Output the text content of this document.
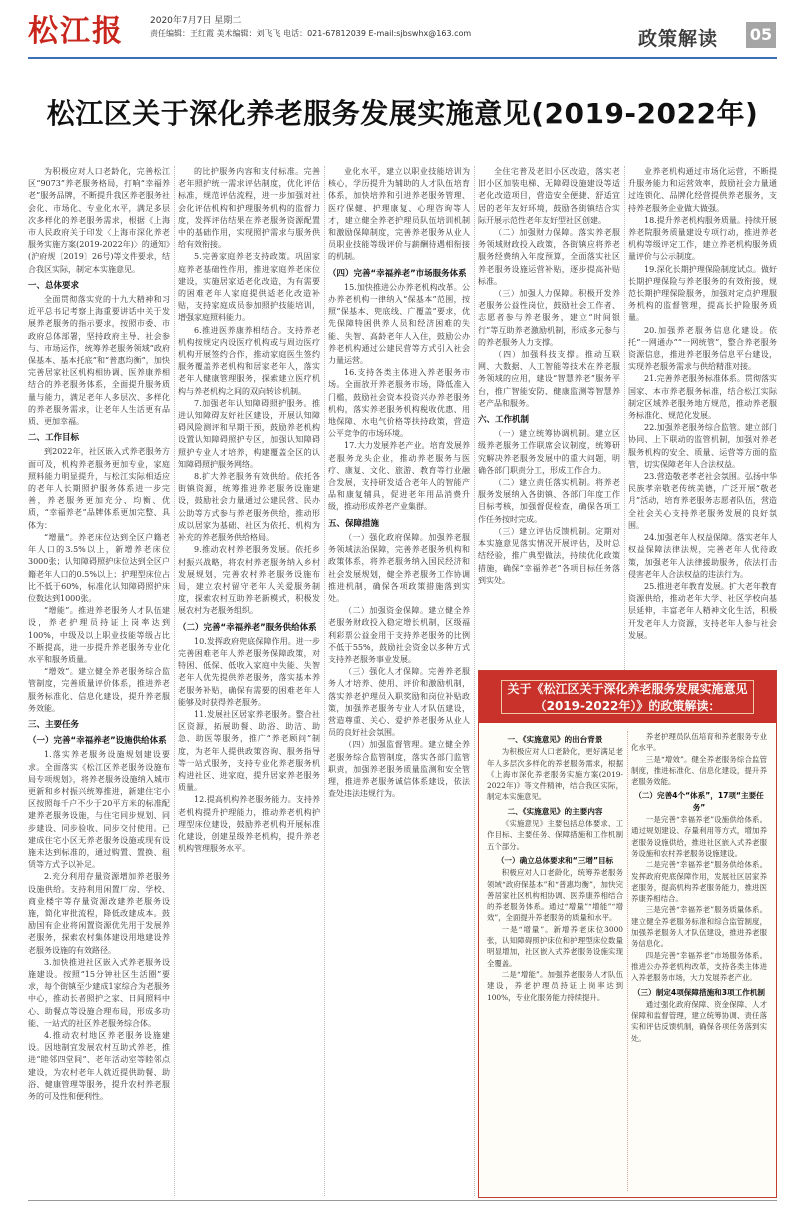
松江报	2020年7月7日 星期二
责任编辑：王红霞 美术编辑：刘飞飞 电话：021-67812039 E-mail:sjbswhx@163.com	政策解读 05
松江区关于深化养老服务发展实施意见(2019-2022年)

为积极应对人口老龄化，完善松江区“9073”养老服务格局，打响“幸福养老”服务品牌，不断提升我区养老服务社会化、市场化、专业化水平，满足多层次多样化的养老服务需求，根据《上海市人民政府关于印发〈上海市深化养老服务实施方案(2019-2022年)〉的通知》(沪府规〔2019〕26号)等文件要求，结合我区实际，制定本实施意见。

一、总体要求

全面贯彻落实党的十九大精神和习近平总书记考察上海重要讲话中关于发展养老服务的指示要求，按照市委、市政府总体部署，坚持政府主导、社会参与、市场运作，统筹养老服务领域“政府保基本、基本托底”和“普惠均衡”，加快完善居家社区机构相协调、医养康养相结合的养老服务体系，全面提升服务质量与能力，满足老年人多层次、多样化的养老服务需求，让老年人生活更有品质、更加幸福。

二、工作目标

到2022年，社区嵌入式养老服务方面可及，机构养老服务更加专业，家庭照料能力明显提升，与松江实际相适应的老年人长期照护服务体系进一步完善，养老服务更加充分、均衡、优质，“幸福养老”品牌体系更加完整、具体为：

“增量”。养老床位达到全区户籍老年人口的3.5%以上，新增养老床位3000张；认知障碍照护床位达到全区户籍老年人口的0.5%以上；护理型床位占比不低于60%，标准化认知障碍照护床位数达到1000张。

“增能”。推进养老服务人才队伍建设，养老护理员持证上岗率达到100%，中级及以上职业技能等级占比不断提高，进一步提升养老服务专业化水平和服务质量。

“增效”。建立健全养老服务综合监管制度，完善质量评价体系，推进养老服务标准化、信息化建设，提升养老服务效能。

三、主要任务
（一）完善“幸福养老”设施供给体系

1.落实养老服务设施规划建设要求。全面落实《松江区养老服务设施布局专项规划》，将养老服务设施纳入城市更新和乡村振兴统筹推进，新建住宅小区按照每千户不少于20平方米的标准配建养老服务设施，与住宅同步规划、同步建设、同步验收、同步交付使用。已建成住宅小区无养老服务设施或现有设施未达到标准的，通过购置、置换、租赁等方式予以补足。

2.充分利用存量资源增加养老服务设施供给。支持利用闲置厂房、学校、商业楼宇等存量资源改建养老服务设施，简化审批流程，降低改建成本。鼓励国有企业将闲置资源优先用于发展养老服务，探索农村集体建设用地建设养老服务设施的有效路径。

3.加快推进社区嵌入式养老服务设施建设。按照“15分钟社区生活圈”要求，每个街镇至少建成1家综合为老服务中心，推动长者照护之家、日间照料中心、助餐点等设施合理布局，形成多功能、一站式的社区养老服务综合体。

4.推动农村地区养老服务设施建设。因地制宜发展农村互助式养老，推进“睦邻四堂间”、老年活动室等睦邻点建设，为农村老年人就近提供助餐、助浴、健康管理等服务，提升农村养老服务的可及性和便利性。

的比护服务内容和支付标准。完善老年照护统一需求评估制度，优化评估标准，规范评估流程，进一步加强对社会化评估机构和护理服务机构的监督力度，发挥评估结果在养老服务资源配置中的基础作用，实现照护需求与服务供给有效衔接。

5.完善家庭养老支持政策。巩固家庭养老基础性作用，推进家庭养老床位建设，实施居家适老化改造，为有需要的困难老年人家庭提供适老化改造补贴，支持家庭成员参加照护技能培训，增强家庭照料能力。

6.推进医养康养相结合。支持养老机构按规定内设医疗机构或与周边医疗机构开展签约合作，推动家庭医生签约服务覆盖养老机构和居家老年人，落实老年人健康管理服务，探索建立医疗机构与养老机构之间的双向转诊机制。

7.加强老年认知障碍照护服务。推进认知障碍友好社区建设，开展认知障碍风险测评和早期干预，鼓励养老机构设置认知障碍照护专区，加强认知障碍照护专业人才培养，构建覆盖全区的认知障碍照护服务网络。

8.扩大养老服务有效供给。依托各街镇资源，统筹推进养老服务设施建设，鼓励社会力量通过公建民营、民办公助等方式参与养老服务供给，推动形成以居家为基础、社区为依托、机构为补充的养老服务供给格局。

9.推动农村养老服务发展。依托乡村振兴战略，将农村养老服务纳入乡村发展规划，完善农村养老服务设施布局，建立农村留守老年人关爱服务制度，探索农村互助养老新模式，积极发展农村为老服务组织。

（二）完善“幸福养老”服务供给体系

10.发挥政府兜底保障作用。进一步完善困难老年人养老服务保障政策，对特困、低保、低收入家庭中失能、失智老年人优先提供养老服务，落实基本养老服务补贴，确保有需要的困难老年人能够及时获得养老服务。

11.发展社区居家养老服务。整合社区资源，拓展助餐、助浴、助洁、助急、助医等服务，推广“养老顾问”制度，为老年人提供政策咨询、服务指导等一站式服务，支持专业化养老服务机构进社区、进家庭，提升居家养老服务质量。

12.提高机构养老服务能力。支持养老机构提升护理能力，推动养老机构护理型床位建设，鼓励养老机构开展标准化建设，创建星级养老机构，提升养老机构管理服务水平。

业化水平，建立以职业技能培训为核心，学历提升为辅助的人才队伍培育体系，加快培养和引进养老服务管理、医疗保健、护理康复、心理咨询等人才，建立健全养老护理员队伍培训机制和激励保障制度，完善养老服务从业人员职业技能等级评价与薪酬待遇相衔接的机制。

（四）完善“幸福养老”市场服务体系

15.加快推进公办养老机构改革。公办养老机构一律纳入“保基本”范围，按照“保基本、兜底线、广覆盖”要求，优先保障特困供养人员和经济困难的失能、失智、高龄老年人入住，鼓励公办养老机构通过公建民营等方式引入社会力量运营。

16.支持各类主体进入养老服务市场。全面放开养老服务市场，降低准入门槛，鼓励社会资本投资兴办养老服务机构，落实养老服务机构税收优惠、用地保障、水电气价格等扶持政策，营造公平竞争的市场环境。

17.大力发展养老产业。培育发展养老服务龙头企业，推动养老服务与医疗、康复、文化、旅游、教育等行业融合发展，支持研发适合老年人的智能产品和康复辅具，促进老年用品消费升级，推动形成养老产业集群。

五、保障措施

（一）强化政府保障。加强养老服务领域法治保障，完善养老服务机构和政策体系，将养老服务纳入国民经济和社会发展规划，健全养老服务工作协调推进机制，确保各项政策措施落到实处。

（二）加强资金保障。建立健全养老服务财政投入稳定增长机制，区级福利彩票公益金用于支持养老服务的比例不低于55%，鼓励社会资金以多种方式支持养老服务事业发展。

（三）强化人才保障。完善养老服务人才培养、使用、评价和激励机制，落实养老护理员入职奖励和岗位补贴政策，加强养老服务专业人才队伍建设，营造尊重、关心、爱护养老服务从业人员的良好社会氛围。

（四）加强监督管理。建立健全养老服务综合监管制度，落实各部门监管职责，加强养老服务质量监测和安全管理，推进养老服务诚信体系建设，依法查处违法违规行为。

全住宅普及老旧小区改造，落实老旧小区加装电梯、无障碍设施建设等适老化改造项目，营造安全便捷、舒适宜居的老年友好环境，鼓励各街镇结合实际开展示范性老年友好型社区创建。

（二）加强财力保障。落实养老服务领域财政投入政策，各街镇应将养老服务经费纳入年度预算，全面落实社区养老服务设施运营补贴，逐步提高补贴标准。

（三）加强人力保障。积极开发养老服务公益性岗位，鼓励社会工作者、志愿者参与养老服务，建立“时间银行”等互助养老激励机制，形成多元参与的养老服务人力支撑。

（四）加强科技支撑。推动互联网、大数据、人工智能等技术在养老服务领域的应用，建设“智慧养老”服务平台，推广智能安防、健康监测等智慧养老产品和服务。

六、工作机制

（一）建立统筹协调机制。建立区级养老服务工作联席会议制度，统筹研究解决养老服务发展中的重大问题，明确各部门职责分工，形成工作合力。

（二）建立责任落实机制。将养老服务发展纳入各街镇、各部门年度工作目标考核，加强督促检查，确保各项工作任务按时完成。

（三）建立评估反馈机制。定期对本实施意见落实情况开展评估，及时总结经验，推广典型做法，持续优化政策措施，确保“幸福养老”各项目标任务落到实处。

业养老机构通过市场化运营，不断提升服务能力和运营效率，鼓励社会力量通过连锁化、品牌化经营提供养老服务，支持养老服务企业做大做强。

18.提升养老机构服务质量。持续开展养老院服务质量建设专项行动，推进养老机构等级评定工作，建立养老机构服务质量评价与公示制度。

19.深化长期护理保险制度试点。做好长期护理保险与养老服务的有效衔接，规范长期护理保险服务，加强对定点护理服务机构的监督管理，提高长护险服务质量。

20.加强养老服务信息化建设。依托“一网通办”“一网统管”，整合养老服务资源信息，推进养老服务信息平台建设，实现养老服务需求与供给精准对接。

21.完善养老服务标准体系。贯彻落实国家、本市养老服务标准，结合松江实际制定区域养老服务地方规范，推动养老服务标准化、规范化发展。

22.加强养老服务综合监管。建立部门协同、上下联动的监管机制，加强对养老服务机构的安全、质量、运营等方面的监管，切实保障老年人合法权益。

23.营造敬老孝老社会氛围。弘扬中华民族孝亲敬老传统美德，广泛开展“敬老月”活动，培育养老服务志愿者队伍，营造全社会关心支持养老服务发展的良好氛围。

24.加强老年人权益保障。落实老年人权益保障法律法规，完善老年人优待政策，加强老年人法律援助服务，依法打击侵害老年人合法权益的违法行为。

25.推进老年教育发展。扩大老年教育资源供给，推动老年大学、社区学校向基层延伸，丰富老年人精神文化生活，积极开发老年人力资源，支持老年人参与社会发展。

关于《松江区关于深化养老服务发展实施意见
（2019-2022年）》的政策解读：
一、《实施意见》的出台背景

为积极应对人口老龄化，更好满足老年人多层次多样化的养老服务需求，根据《上海市深化养老服务实施方案(2019-2022年)》等文件精神，结合我区实际，制定本实施意见。

二、《实施意见》的主要内容

《实施意见》主要包括总体要求、工作目标、主要任务、保障措施和工作机制五个部分。

（一）确立总体要求和“三增”目标

积极应对人口老龄化，统筹养老服务领域“政府保基本”和“普惠均衡”，加快完善居家社区机构相协调、医养康养相结合的养老服务体系。通过“增量”“增能”“增效”，全面提升养老服务的质量和水平。

一是“增量”。新增养老床位3000张，认知障碍照护床位和护理型床位数量明显增加，社区嵌入式养老服务设施实现全覆盖。

二是“增能”。加强养老服务人才队伍建设，养老护理员持证上岗率达到100%，专业化服务能力持续提升。

养老护理员队伍培育和养老服务专业化水平。

三是“增效”。健全养老服务综合监管制度，推进标准化、信息化建设，提升养老服务效能。

（二）完善4个“体系”，17项“主要任务”

一是完善“幸福养老”设施供给体系。通过规划建设、存量利用等方式，增加养老服务设施供给，推进社区嵌入式养老服务设施和农村养老服务设施建设。

二是完善“幸福养老”服务供给体系。发挥政府兜底保障作用，发展社区居家养老服务，提高机构养老服务能力，推进医养康养相结合。

三是完善“幸福养老”服务质量体系。建立健全养老服务标准和综合监管制度，加强养老服务人才队伍建设，推进养老服务信息化。

四是完善“幸福养老”市场服务体系。推进公办养老机构改革，支持各类主体进入养老服务市场，大力发展养老产业。

（三）制定4项保障措施和3项工作机制

通过强化政府保障、资金保障、人才保障和监督管理，建立统筹协调、责任落实和评估反馈机制，确保各项任务落到实处。
